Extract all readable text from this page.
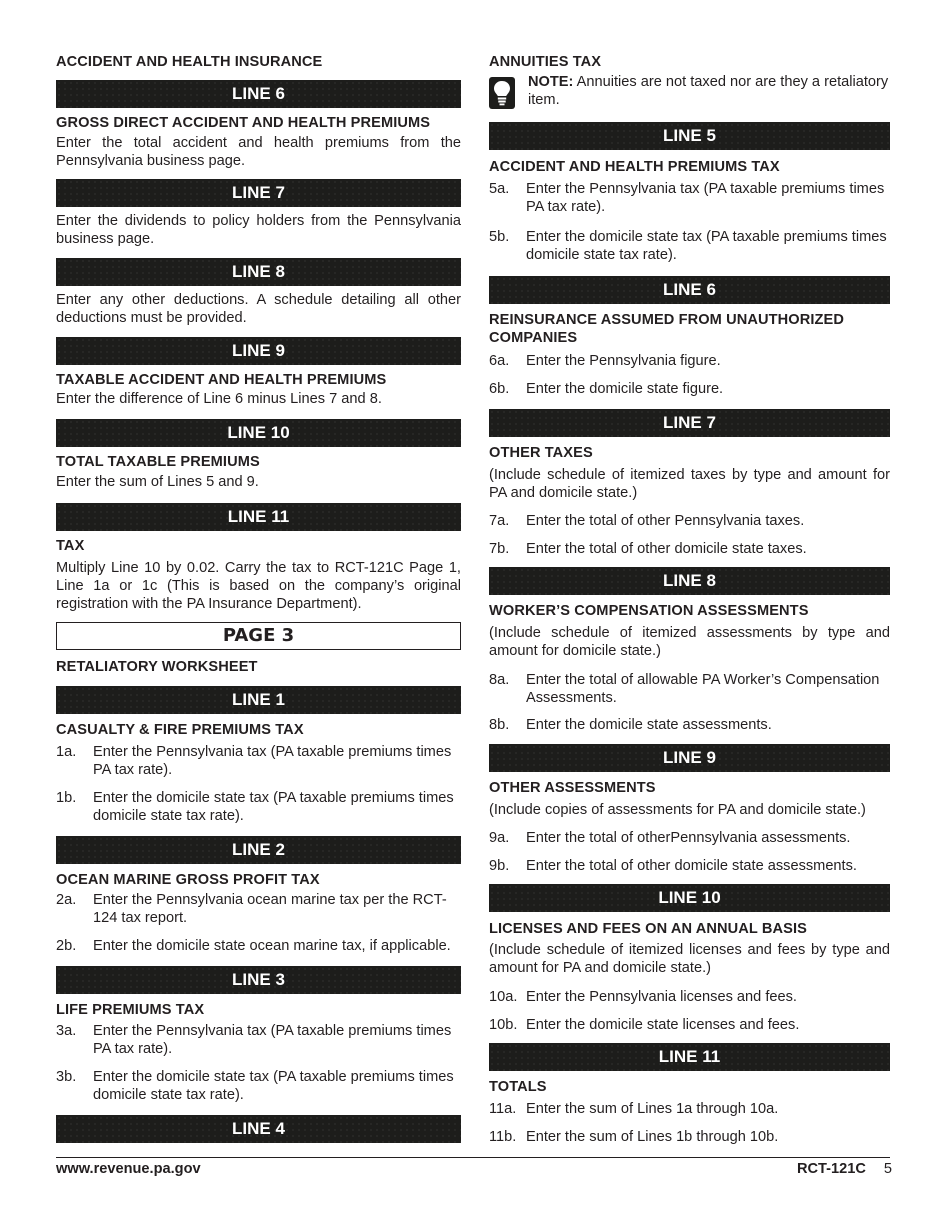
ACCIDENT AND HEALTH INSURANCE
LINE 6
GROSS DIRECT ACCIDENT AND HEALTH PREMIUMS
Enter the total accident and health premiums from the Pennsylvania business page.
LINE 7
Enter the dividends to policy holders from the Pennsylvania business page.
LINE 8
Enter any other deductions. A schedule detailing all other deductions must be provided.
LINE 9
TAXABLE ACCIDENT AND HEALTH PREMIUMS
Enter the difference of Line 6 minus Lines 7 and 8.
LINE 10
TOTAL TAXABLE PREMIUMS
Enter the sum of Lines 5 and 9.
LINE 11
TAX
Multiply Line 10 by 0.02. Carry the tax to RCT-121C Page 1, Line 1a or 1c (This is based on the company’s original registration with the PA Insurance Department).
PAGE 3
RETALIATORY WORKSHEET
LINE 1
CASUALTY & FIRE PREMIUMS TAX
1a.	Enter the Pennsylvania tax (PA taxable premiums times PA tax rate).
1b.	Enter the domicile state tax (PA taxable premiums times domicile state tax rate).
LINE 2
OCEAN MARINE GROSS PROFIT TAX
2a.	Enter the Pennsylvania ocean marine tax per the RCT-124 tax report.
2b.	Enter the domicile state ocean marine tax, if applicable.
LINE 3
LIFE PREMIUMS TAX
3a.	Enter the Pennsylvania tax (PA taxable premiums times PA tax rate).
3b.	Enter the domicile state tax (PA taxable premiums times domicile state tax rate).
LINE 4
ANNUITIES TAX
NOTE: Annuities are not taxed nor are they a retaliatory item.
LINE 5
ACCIDENT AND HEALTH PREMIUMS TAX
5a.	Enter the Pennsylvania tax (PA taxable premiums times PA tax rate).
5b.	Enter the domicile state tax (PA taxable premiums times domicile state tax rate).
LINE 6
REINSURANCE ASSUMED FROM UNAUTHORIZED COMPANIES
6a.	Enter the Pennsylvania figure.
6b.	Enter the domicile state figure.
LINE 7
OTHER TAXES
(Include schedule of itemized taxes by type and amount for PA and domicile state.)
7a.	Enter the total of other Pennsylvania taxes.
7b.	Enter the total of other domicile state taxes.
LINE 8
WORKER’S COMPENSATION ASSESSMENTS
(Include schedule of itemized assessments by type and amount for domicile state.)
8a.	Enter the total of allowable PA Worker’s Compensation Assessments.
8b.	Enter the domicile state assessments.
LINE 9
OTHER ASSESSMENTS
(Include copies of assessments for PA and domicile state.)
9a.	Enter the total of otherPennsylvania assessments.
9b.	Enter the total of other domicile state assessments.
LINE 10
LICENSES AND FEES ON AN ANNUAL BASIS
(Include schedule of itemized licenses and fees by type and amount for PA and domicile state.)
10a. Enter the Pennsylvania licenses and fees.
10b. Enter the domicile state licenses and fees.
LINE 11
TOTALS
11a. Enter the sum of Lines 1a through 10a.
11b. Enter the sum of Lines 1b through 10b.
www.revenue.pa.gov	RCT-121C 5
